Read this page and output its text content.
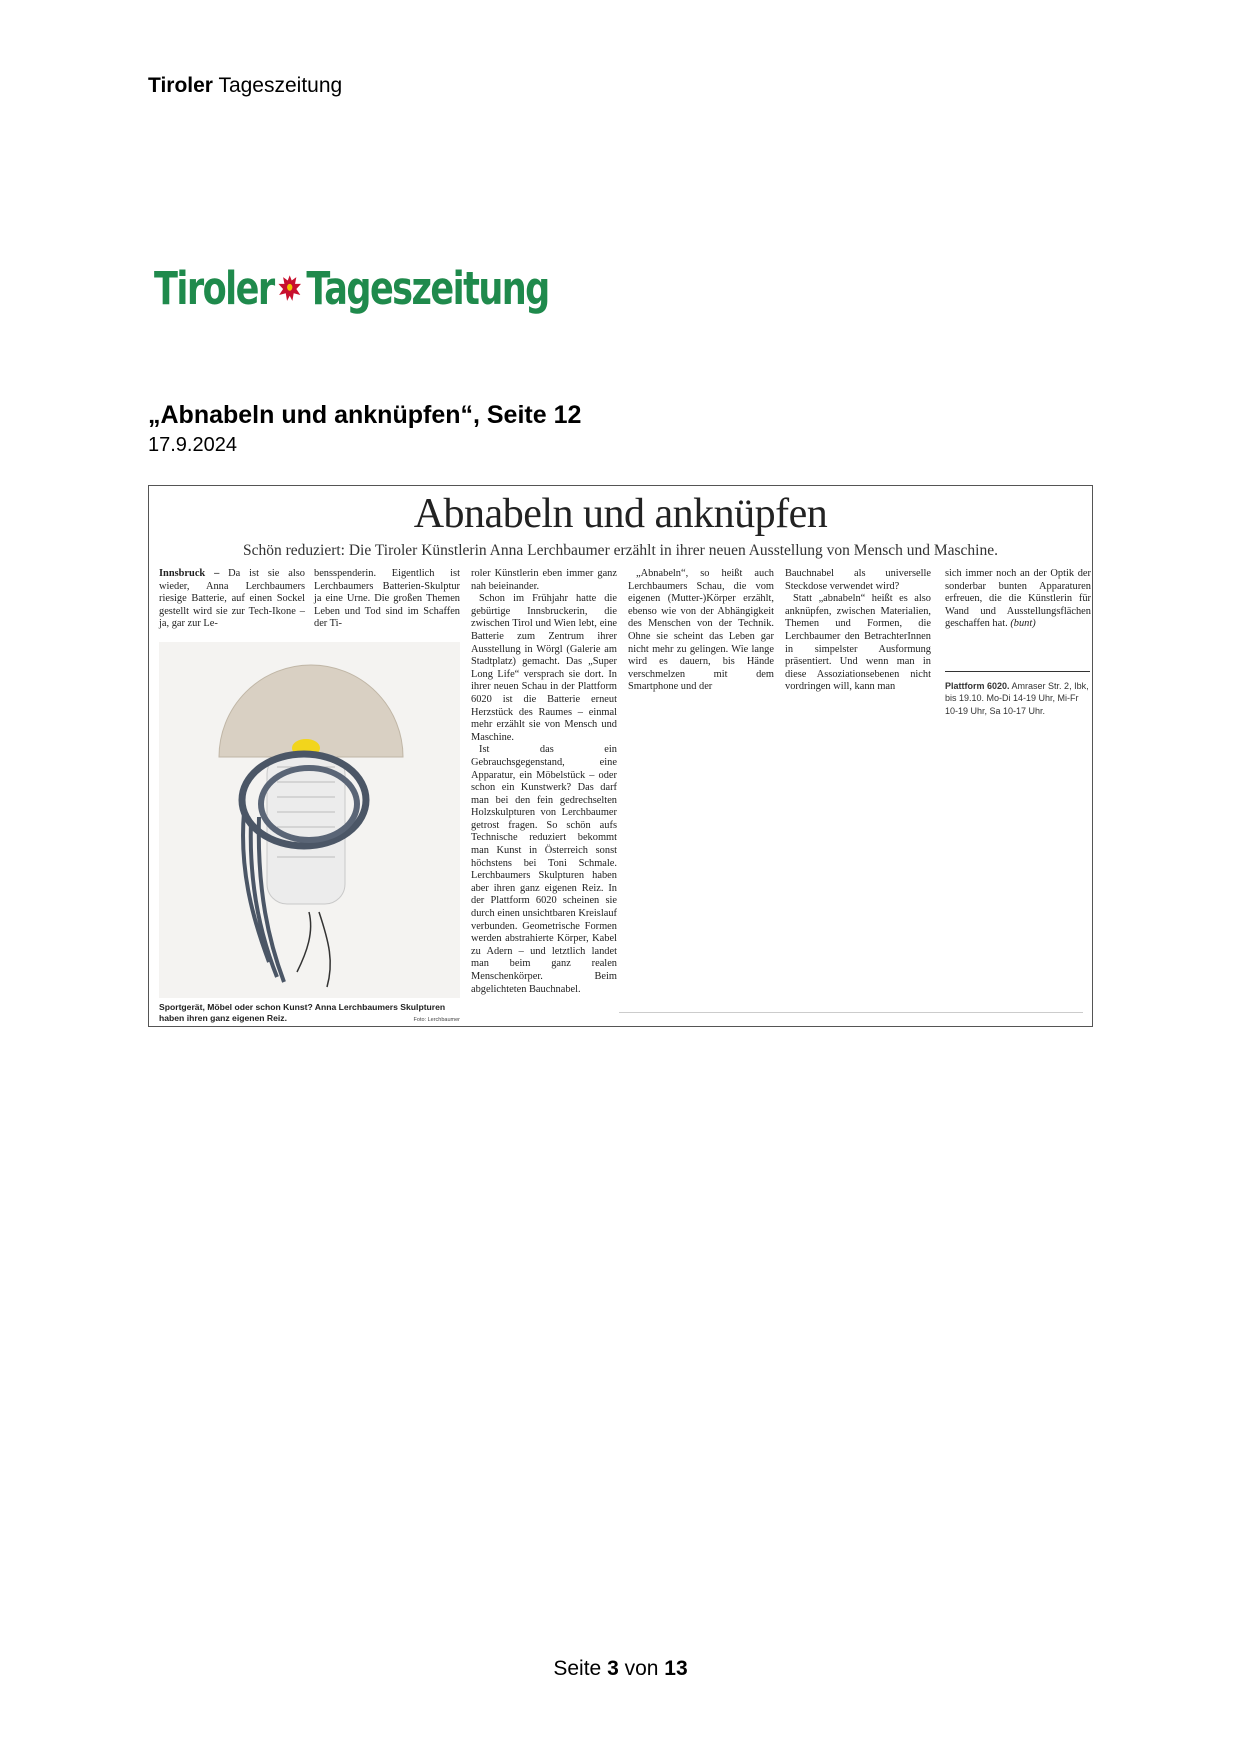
Tiroler Tageszeitung
Tiroler Tageszeitung
„Abnabeln und anknüpfen“, Seite 12
17.9.2024
Abnabeln und anknüpfen
Schön reduziert: Die Tiroler Künstlerin Anna Lerchbaumer erzählt in ihrer neuen Ausstellung von Mensch und Maschine.

Innsbruck – Da ist sie also wieder, Anna Lerchbaumers riesige Batterie, auf einen Sockel gestellt wird sie zur Tech-Ikone – ja, gar zur Le-

bensspenderin. Eigentlich ist Lerchbaumers Batterien-Skulptur ja eine Urne. Die großen Themen Leben und Tod sind im Schaffen der Ti-

Sportgerät, Möbel oder schon Kunst? Anna Lerchbaumers Skulpturen haben ihren ganz eigenen Reiz.	Foto: Lerchbaumer

roler Künstlerin eben immer ganz nah beieinander.

Schon im Frühjahr hatte die gebürtige Innsbruckerin, die zwischen Tirol und Wien lebt, eine Batterie zum Zentrum ihrer Ausstellung in Wörgl (Galerie am Stadtplatz) gemacht. Das „Super Long Life“ versprach sie dort. In ihrer neuen Schau in der Plattform 6020 ist die Batterie erneut Herzstück des Raumes – einmal mehr erzählt sie von Mensch und Maschine.

Ist das ein Gebrauchsgegenstand, eine Apparatur, ein Möbelstück – oder schon ein Kunstwerk? Das darf man bei den fein gedrechselten Holzskulpturen von Lerchbaumer getrost fragen. So schön aufs Technische reduziert bekommt man Kunst in Österreich sonst höchstens bei Toni Schmale. Lerchbaumers Skulpturen haben aber ihren ganz eigenen Reiz. In der Plattform 6020 scheinen sie durch einen unsichtbaren Kreislauf verbunden. Geometrische Formen werden abstrahierte Körper, Kabel zu Adern – und letztlich landet man beim ganz realen Menschenkörper. Beim abgelichteten Bauchnabel.

„Abnabeln“, so heißt auch Lerchbaumers Schau, die vom eigenen (Mutter-)Körper erzählt, ebenso wie von der Abhängigkeit des Menschen von der Technik. Ohne sie scheint das Leben gar nicht mehr zu gelingen. Wie lange wird es dauern, bis Hände verschmelzen mit dem Smartphone und der

Bauchnabel als universelle Steckdose verwendet wird?

Statt „abnabeln“ heißt es also anknüpfen, zwischen Materialien, Themen und Formen, die Lerchbaumer den BetrachterInnen in simpelster Ausformung präsentiert. Und wenn man in diese Assoziationsebenen nicht vordringen will, kann man

sich immer noch an der Optik der sonderbar bunten Apparaturen erfreuen, die die Künstlerin für Wand und Ausstellungsflächen geschaffen hat. (bunt)

Plattform 6020. Amraser Str. 2, Ibk, bis 19.10. Mo-Di 14-19 Uhr, Mi-Fr 10-19 Uhr, Sa 10-17 Uhr.
Seite 3 von 13
